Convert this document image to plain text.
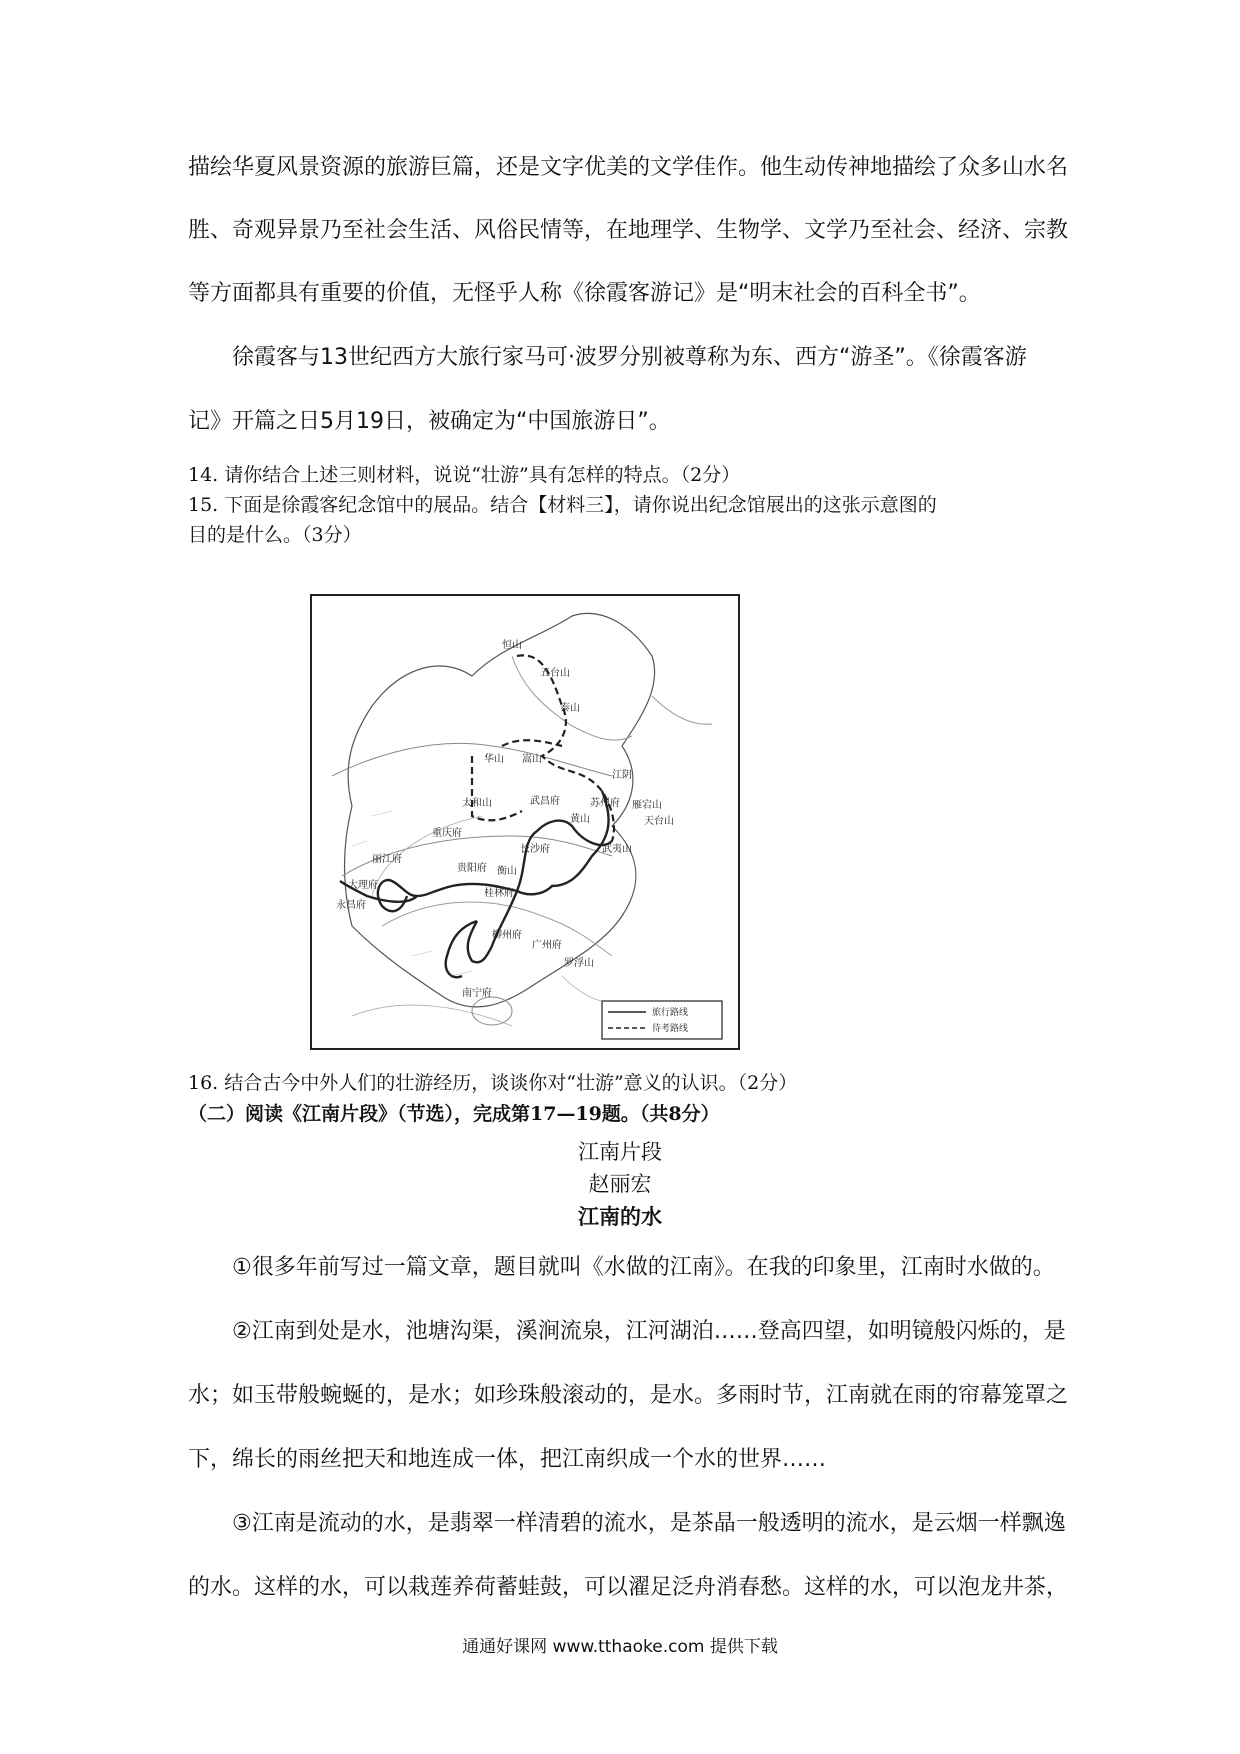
描绘华夏风景资源的旅游巨篇，还是文字优美的文学佳作。他生动传神地描绘了众多山水名
胜、奇观异景乃至社会生活、风俗民情等，在地理学、生物学、文学乃至社会、经济、宗教
等方面都具有重要的价值，无怪乎人称《徐霞客游记》是“明末社会的百科全书”。
徐霞客与13世纪西方大旅行家马可·波罗分别被尊称为东、西方“游圣”。《徐霞客游
记》开篇之日5月19日，被确定为“中国旅游日”。
14. 请你结合上述三则材料，说说“壮游”具有怎样的特点。（2分）
15. 下面是徐霞客纪念馆中的展品。结合【材料三】，请你说出纪念馆展出的这张示意图的
目的是什么。（3分）
恒山
五台山
泰山
华山 嵩山
太和山
江阴
苏州府 雁宕山
天台山
武昌府
黄山
武夷山
重庆府
长沙府
衡山
贵阳府
桂林府
丽江府
大理府
永昌府
柳州府
广州府
南宁府
罗浮山
旅行路线
待考路线
16. 结合古今中外人们的壮游经历，谈谈你对“壮游”意义的认识。（2分）
（二）阅读《江南片段》（节选），完成第17—19题。（共8分）
江南片段
赵丽宏
江南的水
①很多年前写过一篇文章，题目就叫《水做的江南》。在我的印象里，江南时水做的。
②江南到处是水，池塘沟渠，溪涧流泉，江河湖泊……登高四望，如明镜般闪烁的，是
水；如玉带般蜿蜒的，是水；如珍珠般滚动的，是水。多雨时节，江南就在雨的帘幕笼罩之
下，绵长的雨丝把天和地连成一体，把江南织成一个水的世界……
③江南是流动的水，是翡翠一样清碧的流水，是茶晶一般透明的流水，是云烟一样飘逸
的水。这样的水，可以栽莲养荷蓄蛙鼓，可以濯足泛舟消春愁。这样的水，可以泡龙井茶，
通通好课网 www.tthaoke.com 提供下载
